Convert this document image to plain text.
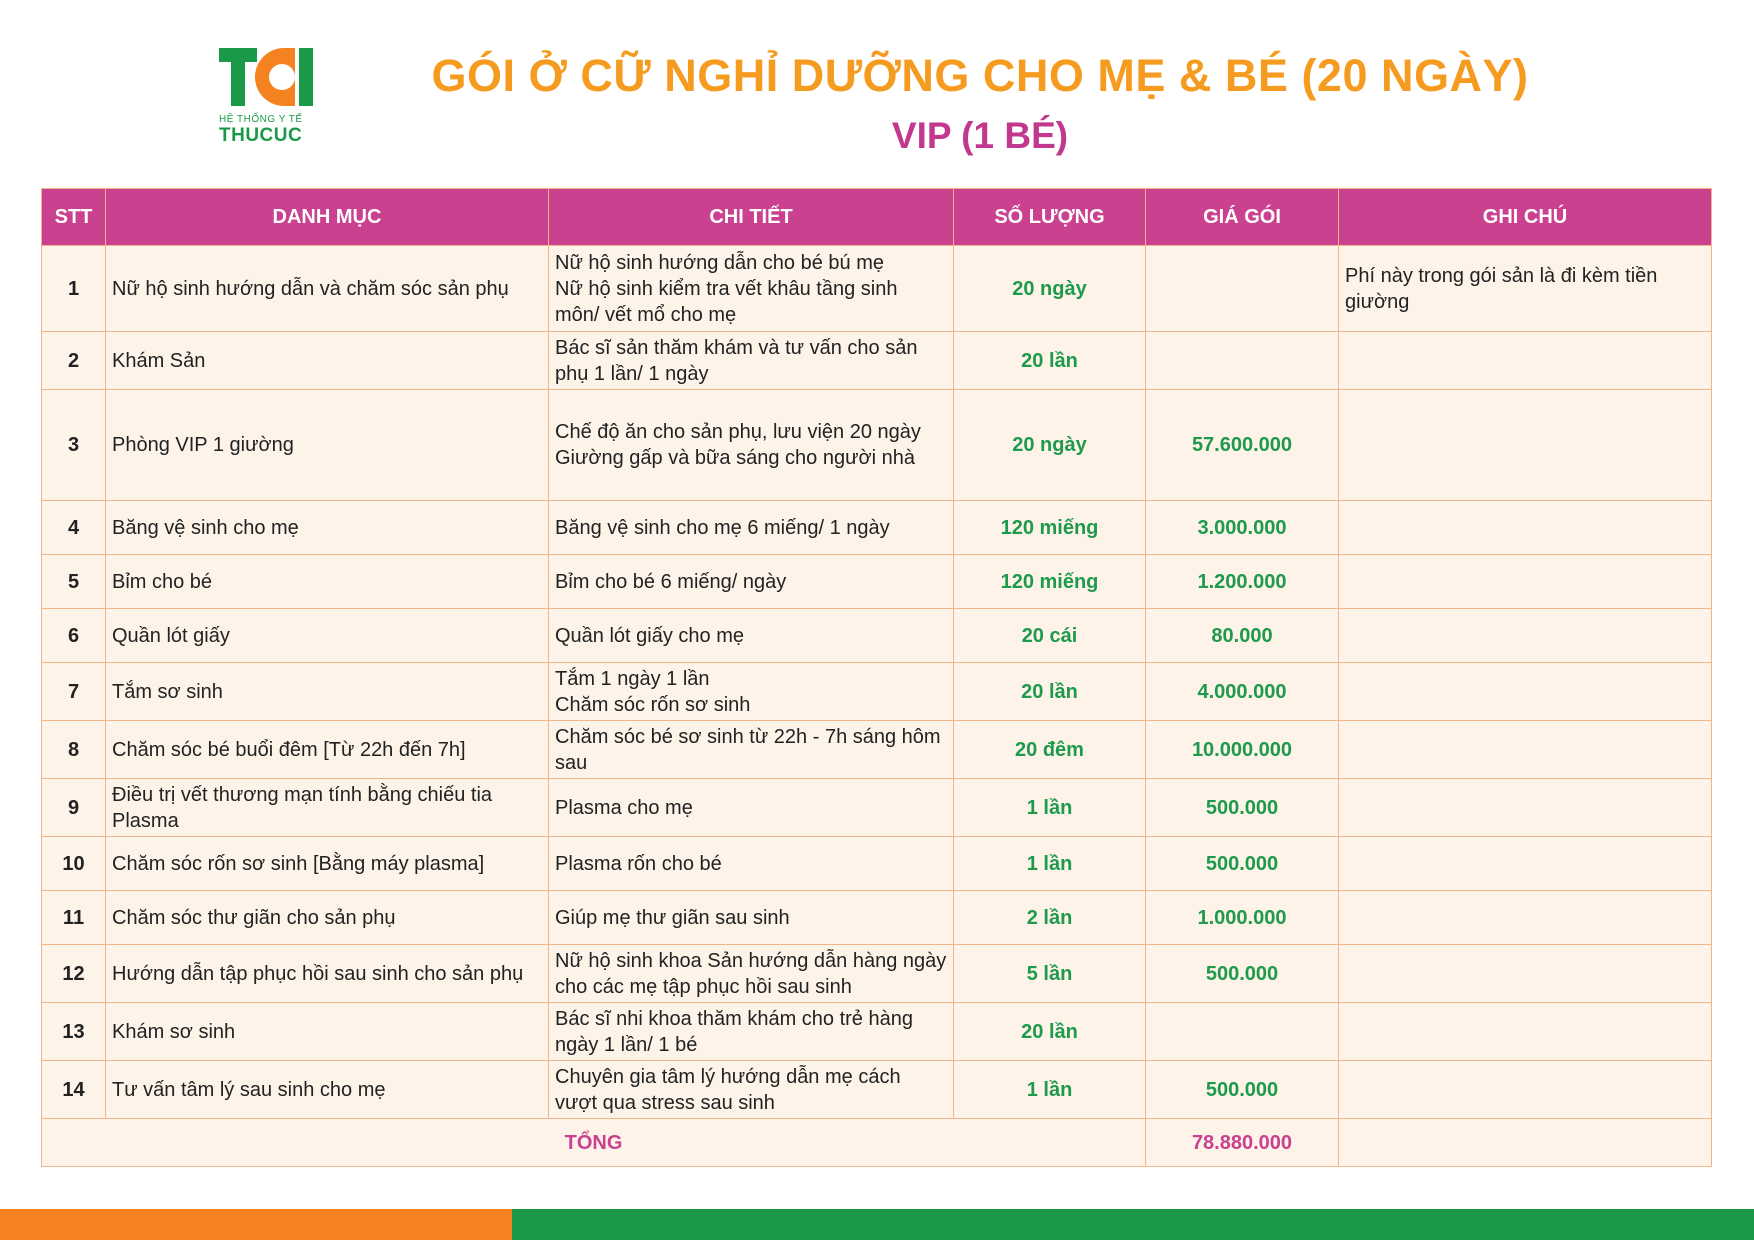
HỆ THỐNG Y TẾ
THUCUC
GÓI Ở CỮ NGHỈ DƯỠNG CHO MẸ & BÉ (20 NGÀY)
VIP (1 BÉ)
STT	DANH MỤC	CHI TIẾT	SỐ LƯỢNG	GIÁ GÓI	GHI CHÚ
1	Nữ hộ sinh hướng dẫn và chăm sóc sản phụ	Nữ hộ sinh hướng dẫn cho bé bú mẹ
Nữ hộ sinh kiểm tra vết khâu tầng sinh môn/ vết mổ cho mẹ	20 ngày		Phí này trong gói sản là đi kèm tiền giường
2	Khám Sản	Bác sĩ sản thăm khám và tư vấn cho sản phụ 1 lần/ 1 ngày	20 lần		
3	Phòng VIP 1 giường	Chế độ ăn cho sản phụ, lưu viện 20 ngày
Giường gấp và bữa sáng cho người nhà	20 ngày	57.600.000	
4	Băng vệ sinh cho mẹ	Băng vệ sinh cho mẹ 6 miếng/ 1 ngày	120 miếng	3.000.000	
5	Bỉm cho bé	Bỉm cho bé 6 miếng/ ngày	120 miếng	1.200.000	
6	Quần lót giấy	Quần lót giấy cho mẹ	20 cái	80.000	
7	Tắm sơ sinh	Tắm 1 ngày 1 lần
Chăm sóc rốn sơ sinh	20 lần	4.000.000	
8	Chăm sóc bé buổi đêm [Từ 22h đến 7h]	Chăm sóc bé sơ sinh từ 22h - 7h sáng hôm sau	20 đêm	10.000.000	
9	Điều trị vết thương mạn tính bằng chiếu tia Plasma	Plasma cho mẹ	1 lần	500.000	
10	Chăm sóc rốn sơ sinh [Bằng máy plasma]	Plasma rốn cho bé	1 lần	500.000	
11	Chăm sóc thư giãn cho sản phụ	Giúp mẹ thư giãn sau sinh	2 lần	1.000.000	
12	Hướng dẫn tập phục hồi sau sinh cho sản phụ	Nữ hộ sinh khoa Sản hướng dẫn hàng ngày cho các mẹ tập phục hồi sau sinh	5 lần	500.000	
13	Khám sơ sinh	Bác sĩ nhi khoa thăm khám cho trẻ hàng ngày 1 lần/ 1 bé	20 lần		
14	Tư vấn tâm lý sau sinh cho mẹ	Chuyên gia tâm lý hướng dẫn mẹ cách vượt qua stress sau sinh	1 lần	500.000	
TỔNG				78.880.000	
